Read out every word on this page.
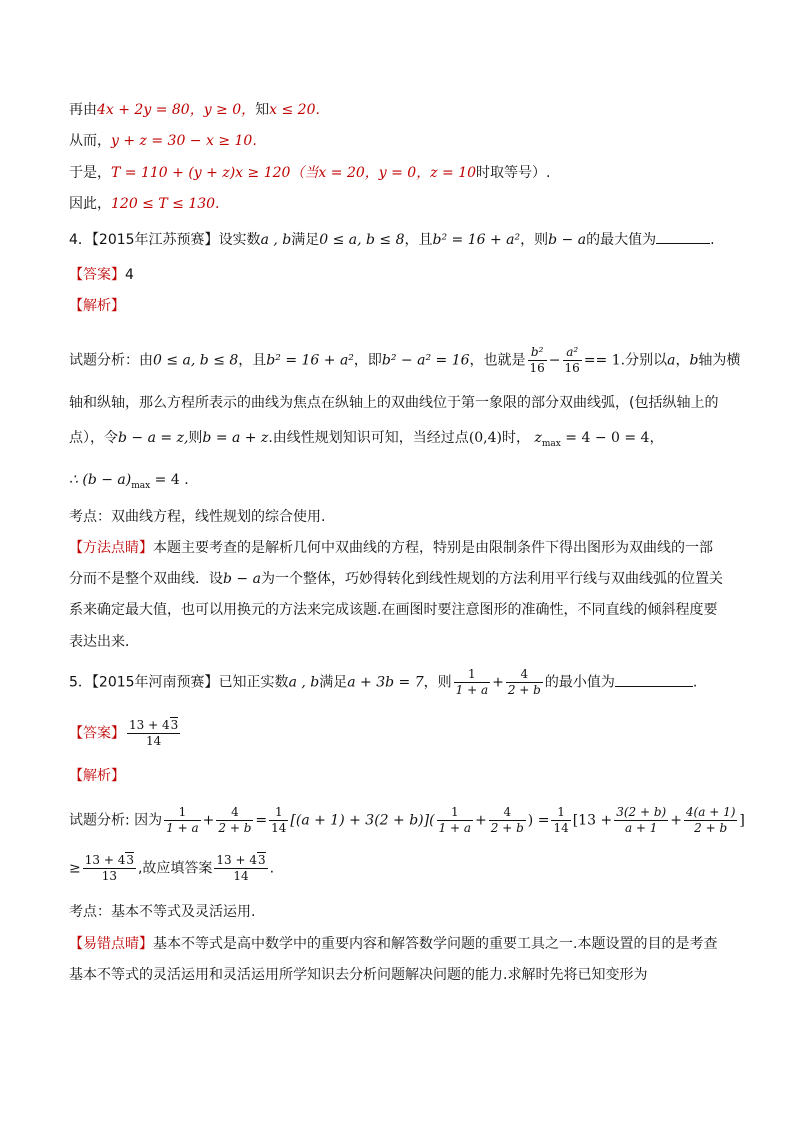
再由4x + 2y = 80，y ≥ 0，知x ≤ 20.
从而，y + z = 30 − x ≥ 10.
于是，T = 110 + (y + z)x ≥ 120（当x = 20，y = 0，z = 10时取等号）.
因此，120 ≤ T ≤ 130.
4．【2015年江苏预赛】设实数a , b满足0 ≤ a, b ≤ 8，且b² = 16 + a²，则b − a的最大值为	.
【答案】4
【解析】
试题分析：由0 ≤ a, b ≤ 8，且b² = 16 + a²，即b² − a² = 16，也就是 $\frac{\text{b²}}{16} - \frac{\text{a²}}{16} == 1$.分别以a，b轴为横
轴和纵轴，那么方程所表示的曲线为焦点在纵轴上的双曲线位于第一象限的部分双曲线弧，(包括纵轴上的
点），令b − a = z,则b = a + z.由线性规划知识可知，当经过点(0,4)时， $z_{max} = 4 - 0 = 4$，
∴ $(b - a)_{max} = 4$ .
考点：双曲线方程，线性规划的综合使用.
【方法点睛】本题主要考查的是解析几何中双曲线的方程，特别是由限制条件下得出图形为双曲线的一部
分而不是整个双曲线．设b − a为一个整体，巧妙得转化到线性规划的方法利用平行线与双曲线弧的位置关
系来确定最大值，也可以用换元的方法来完成该题.在画图时要注意图形的准确性，不同直线的倾斜程度要
表达出来．
5．【2015年河南预赛】已知正实数a , b满足a + 3b = 7，则 $\frac{1}{1 + a} + \frac{4}{2 + b}$ 的最小值为	.
【答案】 $\frac{13 + 43}{14}$
【解析】
试题分析: 因为 $\frac{1}{1 + a} + \frac{4}{2 + b} = \frac{1}{14} [(a + 1) + 3(2 + b)]( \frac{1}{1 + a} + \frac{4}{2 + b}$ ) = $\frac{1}{14} [13 + \frac{3(2 + b)}{a + 1} + \frac{4(a + 1)}{2 + b}$ ]
≥ $\frac{13 + 43}{13}$ ,故应填答案 $\frac{13 + 43}{14}$ .
考点：基本不等式及灵活运用.
【易错点晴】基本不等式是高中数学中的重要内容和解答数学问题的重要工具之一.本题设置的目的是考查
基本不等式的灵活运用和灵活运用所学知识去分析问题解决问题的能力.求解时先将已知变形为
